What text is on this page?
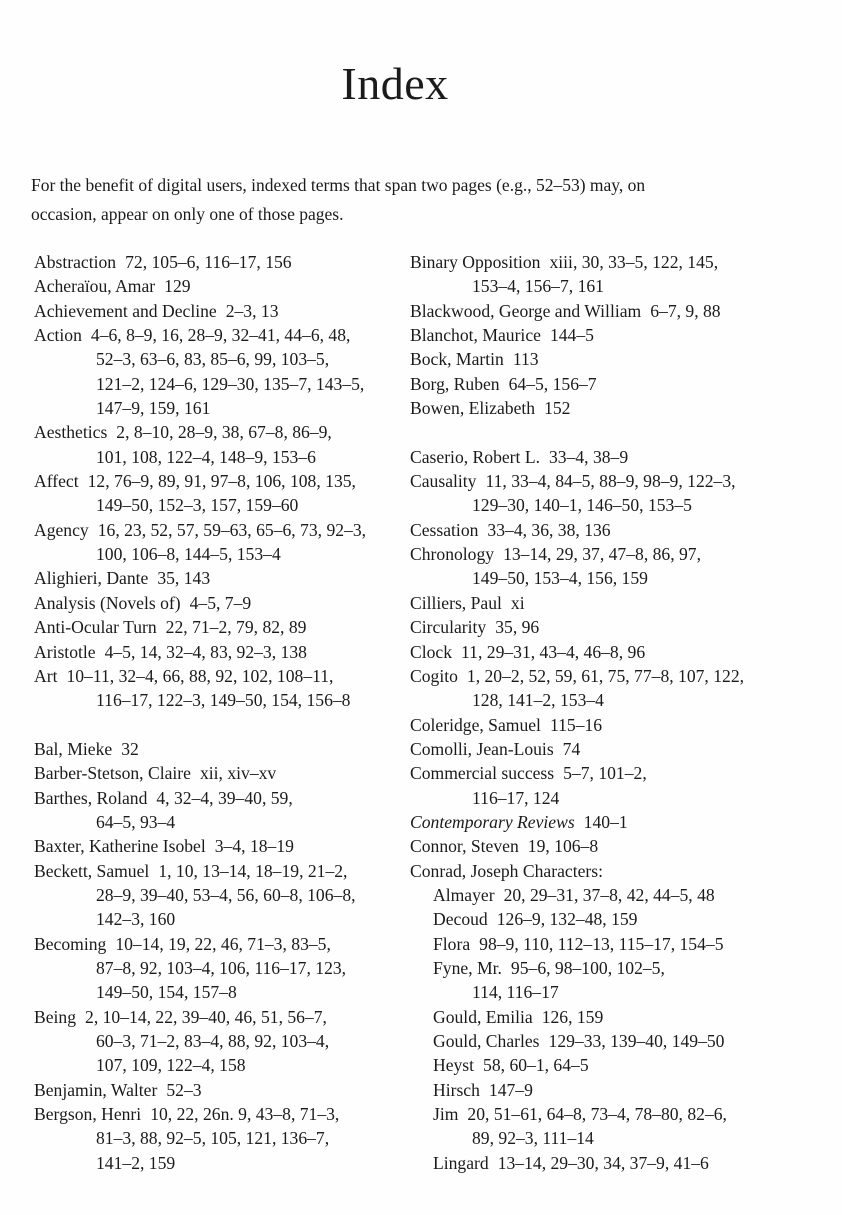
Index
For the benefit of digital users, indexed terms that span two pages (e.g., 52–53) may, on
occasion, appear on only one of those pages.
Abstraction 72, 105–6, 116–17, 156
Acheraïou, Amar 129
Achievement and Decline 2–3, 13
Action 4–6, 8–9, 16, 28–9, 32–41, 44–6, 48,
52–3, 63–6, 83, 85–6, 99, 103–5,
121–2, 124–6, 129–30, 135–7, 143–5,
147–9, 159, 161
Aesthetics 2, 8–10, 28–9, 38, 67–8, 86–9,
101, 108, 122–4, 148–9, 153–6
Affect 12, 76–9, 89, 91, 97–8, 106, 108, 135,
149–50, 152–3, 157, 159–60
Agency 16, 23, 52, 57, 59–63, 65–6, 73, 92–3,
100, 106–8, 144–5, 153–4
Alighieri, Dante 35, 143
Analysis (Novels of) 4–5, 7–9
Anti-Ocular Turn 22, 71–2, 79, 82, 89
Aristotle 4–5, 14, 32–4, 83, 92–3, 138
Art 10–11, 32–4, 66, 88, 92, 102, 108–11,
116–17, 122–3, 149–50, 154, 156–8
Bal, Mieke 32
Barber-Stetson, Claire xii, xiv–xv
Barthes, Roland 4, 32–4, 39–40, 59,
64–5, 93–4
Baxter, Katherine Isobel 3–4, 18–19
Beckett, Samuel 1, 10, 13–14, 18–19, 21–2,
28–9, 39–40, 53–4, 56, 60–8, 106–8,
142–3, 160
Becoming 10–14, 19, 22, 46, 71–3, 83–5,
87–8, 92, 103–4, 106, 116–17, 123,
149–50, 154, 157–8
Being 2, 10–14, 22, 39–40, 46, 51, 56–7,
60–3, 71–2, 83–4, 88, 92, 103–4,
107, 109, 122–4, 158
Benjamin, Walter 52–3
Bergson, Henri 10, 22, 26n. 9, 43–8, 71–3,
81–3, 88, 92–5, 105, 121, 136–7,
141–2, 159
Binary Opposition xiii, 30, 33–5, 122, 145,
153–4, 156–7, 161
Blackwood, George and William 6–7, 9, 88
Blanchot, Maurice 144–5
Bock, Martin 113
Borg, Ruben 64–5, 156–7
Bowen, Elizabeth 152
Caserio, Robert L. 33–4, 38–9
Causality 11, 33–4, 84–5, 88–9, 98–9, 122–3,
129–30, 140–1, 146–50, 153–5
Cessation 33–4, 36, 38, 136
Chronology 13–14, 29, 37, 47–8, 86, 97,
149–50, 153–4, 156, 159
Cilliers, Paul xi
Circularity 35, 96
Clock 11, 29–31, 43–4, 46–8, 96
Cogito 1, 20–2, 52, 59, 61, 75, 77–8, 107, 122,
128, 141–2, 153–4
Coleridge, Samuel 115–16
Comolli, Jean-Louis 74
Commercial success 5–7, 101–2,
116–17, 124
Contemporary Reviews 140–1
Connor, Steven 19, 106–8
Conrad, Joseph Characters:
Almayer 20, 29–31, 37–8, 42, 44–5, 48
Decoud 126–9, 132–48, 159
Flora 98–9, 110, 112–13, 115–17, 154–5
Fyne, Mr. 95–6, 98–100, 102–5,
114, 116–17
Gould, Emilia 126, 159
Gould, Charles 129–33, 139–40, 149–50
Heyst 58, 60–1, 64–5
Hirsch 147–9
Jim 20, 51–61, 64–8, 73–4, 78–80, 82–6,
89, 92–3, 111–14
Lingard 13–14, 29–30, 34, 37–9, 41–6
